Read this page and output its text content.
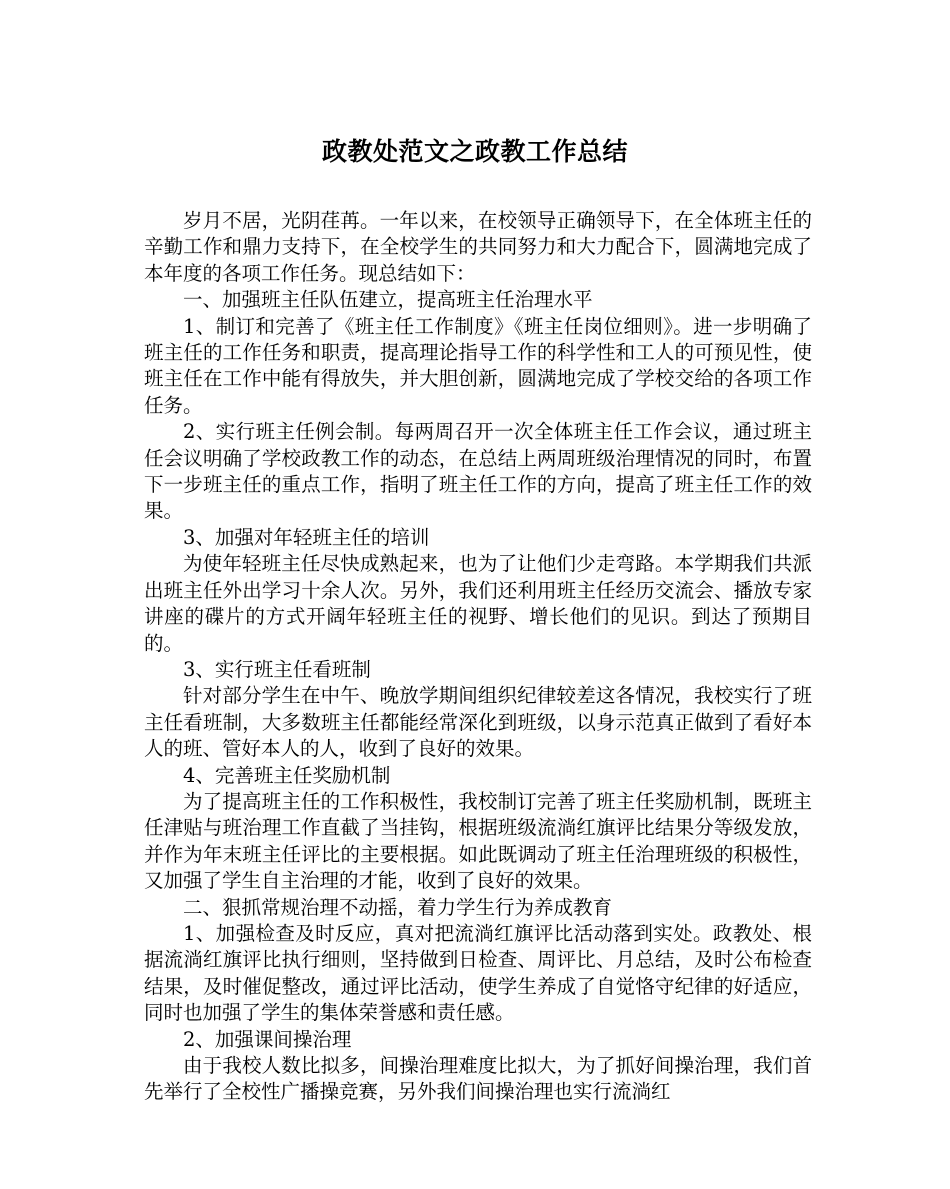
政教处范文之政教工作总结

岁月不居，光阴荏苒。一年以来，在校领导正确领导下，在全体班主任的辛勤工作和鼎力支持下，在全校学生的共同努力和大力配合下，圆满地完成了本年度的各项工作任务。现总结如下：

一、加强班主任队伍建立，提高班主任治理水平

1、制订和完善了《班主任工作制度》《班主任岗位细则》。进一步明确了班主任的工作任务和职责，提高理论指导工作的科学性和工人的可预见性，使班主任在工作中能有得放失，并大胆创新，圆满地完成了学校交给的各项工作任务。

2、实行班主任例会制。每两周召开一次全体班主任工作会议，通过班主任会议明确了学校政教工作的动态，在总结上两周班级治理情况的同时，布置下一步班主任的重点工作，指明了班主任工作的方向，提高了班主任工作的效果。

3、加强对年轻班主任的培训

为使年轻班主任尽快成熟起来，也为了让他们少走弯路。本学期我们共派出班主任外出学习十余人次。另外，我们还利用班主任经历交流会、播放专家讲座的碟片的方式开阔年轻班主任的视野、增长他们的见识。到达了预期目的。

3、实行班主任看班制

针对部分学生在中午、晚放学期间组织纪律较差这各情况，我校实行了班主任看班制，大多数班主任都能经常深化到班级，以身示范真正做到了看好本人的班、管好本人的人，收到了良好的效果。

4、完善班主任奖励机制

为了提高班主任的工作积极性，我校制订完善了班主任奖励机制，既班主任津贴与班治理工作直截了当挂钩，根据班级流淌红旗评比结果分等级发放，并作为年末班主任评比的主要根据。如此既调动了班主任治理班级的积极性，又加强了学生自主治理的才能，收到了良好的效果。

二、狠抓常规治理不动摇，着力学生行为养成教育

1、加强检查及时反应，真对把流淌红旗评比活动落到实处。政教处、根据流淌红旗评比执行细则，坚持做到日检查、周评比、月总结，及时公布检查结果，及时催促整改，通过评比活动，使学生养成了自觉恪守纪律的好适应，同时也加强了学生的集体荣誉感和责任感。

2、加强课间操治理

由于我校人数比拟多，间操治理难度比拟大，为了抓好间操治理，我们首先举行了全校性广播操竞赛，另外我们间操治理也实行流淌红
